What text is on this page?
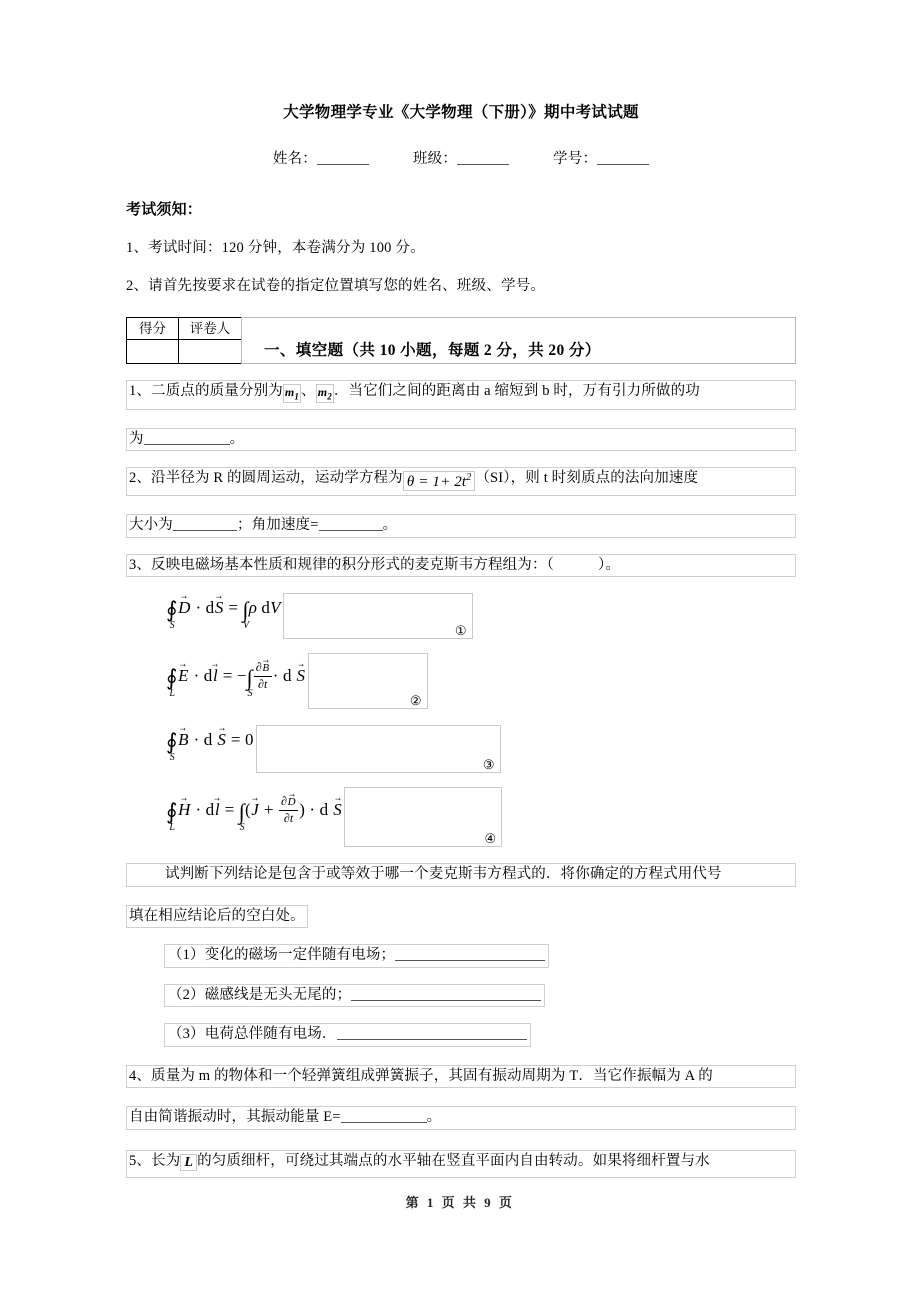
大学物理学专业《大学物理（下册）》期中考试试题
姓名：	班级：	学号：
考试须知：
1、考试时间：120 分钟，本卷满分为 100 分。
2、请首先按要求在试卷的指定位置填写您的姓名、班级、学号。
得分	评卷人

一、填空题（共 10 小题，每题 2 分，共 20 分）
1、二质点的质量分别为 $m_1$ 、 $m_2$ ．当它们之间的距离由 a 缩短到 b 时，万有引力所做的功
为	。
2、沿半径为 R 的圆周运动，运动学方程为 $\theta = 1+ 2t^2$ （SI），则 t 时刻质点的法向加速度
大小为	；角加速度=	。
3、反映电磁场基本性质和规律的积分形式的麦克斯韦方程组为：（　　　）。
∮
S
D → · dS → = ∫
V
ρ dV
①
∮
L
E → · dl → = −∫
S
$\frac{\partial B \to}{\partial t} \cdot d$ S →
②
∮
S
B → · d S → = 0
③
∮
L
H → · dl → = ∫
S
(J → + $\frac{\partial D \to}{\partial t}$ ) · d S →
④
试判断下列结论是包含于或等效于哪一个麦克斯韦方程式的．将你确定的方程式用代号
填在相应结论后的空白处。
（1）变化的磁场一定伴随有电场；
（2）磁感线是无头无尾的；
（3）电荷总伴随有电场．
4、质量为 m 的物体和一个轻弹簧组成弹簧振子，其固有振动周期为 T．当它作振幅为 A 的
自由简谐振动时，其振动能量 E=	。
5、长为 L 的匀质细杆，可绕过其端点的水平轴在竖直平面内自由转动。如果将细杆置与水
第 1 页 共 9 页
